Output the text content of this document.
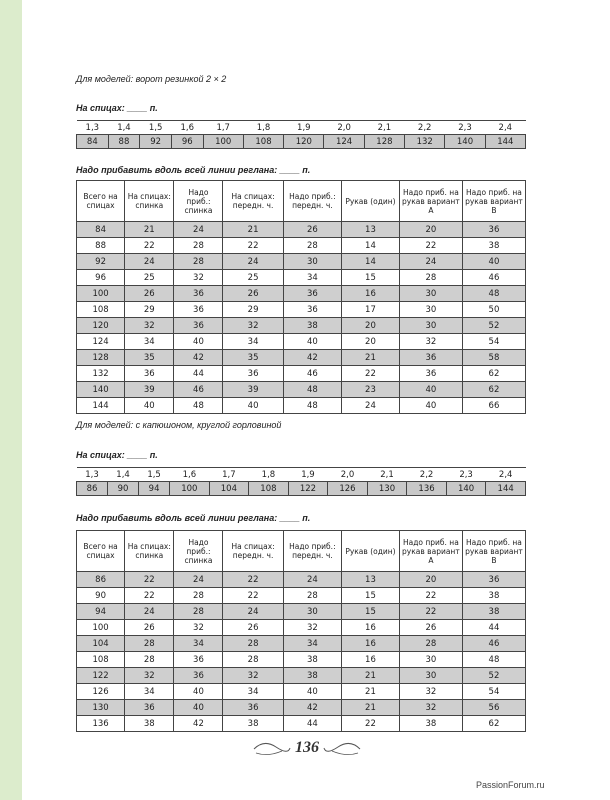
Для моделей: ворот резинкой 2 × 2
На спицах: ____ п.
1,3	1,4	1,5	1,6	1,7	1,8	1,9	2,0	2,1	2,2	2,3	2,4
84	88	92	96	100	108	120	124	128	132	140	144
Надо прибавить вдоль всей линии реглана: ____ п.
Всего на спицах	На спицах: спинка	Надо приб.: спинка	На спицах: передн. ч.	Надо приб.: передн. ч.	Рукав (один)	Надо приб. на рукав вариант А	Надо приб. на рукав вариант В
84	21	24	21	26	13	20	36
88	22	28	22	28	14	22	38
92	24	28	24	30	14	24	40
96	25	32	25	34	15	28	46
100	26	36	26	36	16	30	48
108	29	36	29	36	17	30	50
120	32	36	32	38	20	30	52
124	34	40	34	40	20	32	54
128	35	42	35	42	21	36	58
132	36	44	36	46	22	36	62
140	39	46	39	48	23	40	62
144	40	48	40	48	24	40	66
Для моделей: с капюшоном, круглой горловиной
На спицах: ____ п.
1,3	1,4	1,5	1,6	1,7	1,8	1,9	2,0	2,1	2,2	2,3	2,4
86	90	94	100	104	108	122	126	130	136	140	144
Надо прибавить вдоль всей линии реглана: ____ п.
Всего на спицах	На спицах: спинка	Надо приб.: спинка	На спицах: передн. ч.	Надо приб.: передн. ч.	Рукав (один)	Надо приб. на рукав вариант А	Надо приб. на рукав вариант В
86	22	24	22	24	13	20	36
90	22	28	22	28	15	22	38
94	24	28	24	30	15	22	38
100	26	32	26	32	16	26	44
104	28	34	28	34	16	28	46
108	28	36	28	38	16	30	48
122	32	36	32	38	21	30	52
126	34	40	34	40	21	32	54
130	36	40	36	42	21	32	56
136	38	42	38	44	22	38	62
136
PassionForum.ru
